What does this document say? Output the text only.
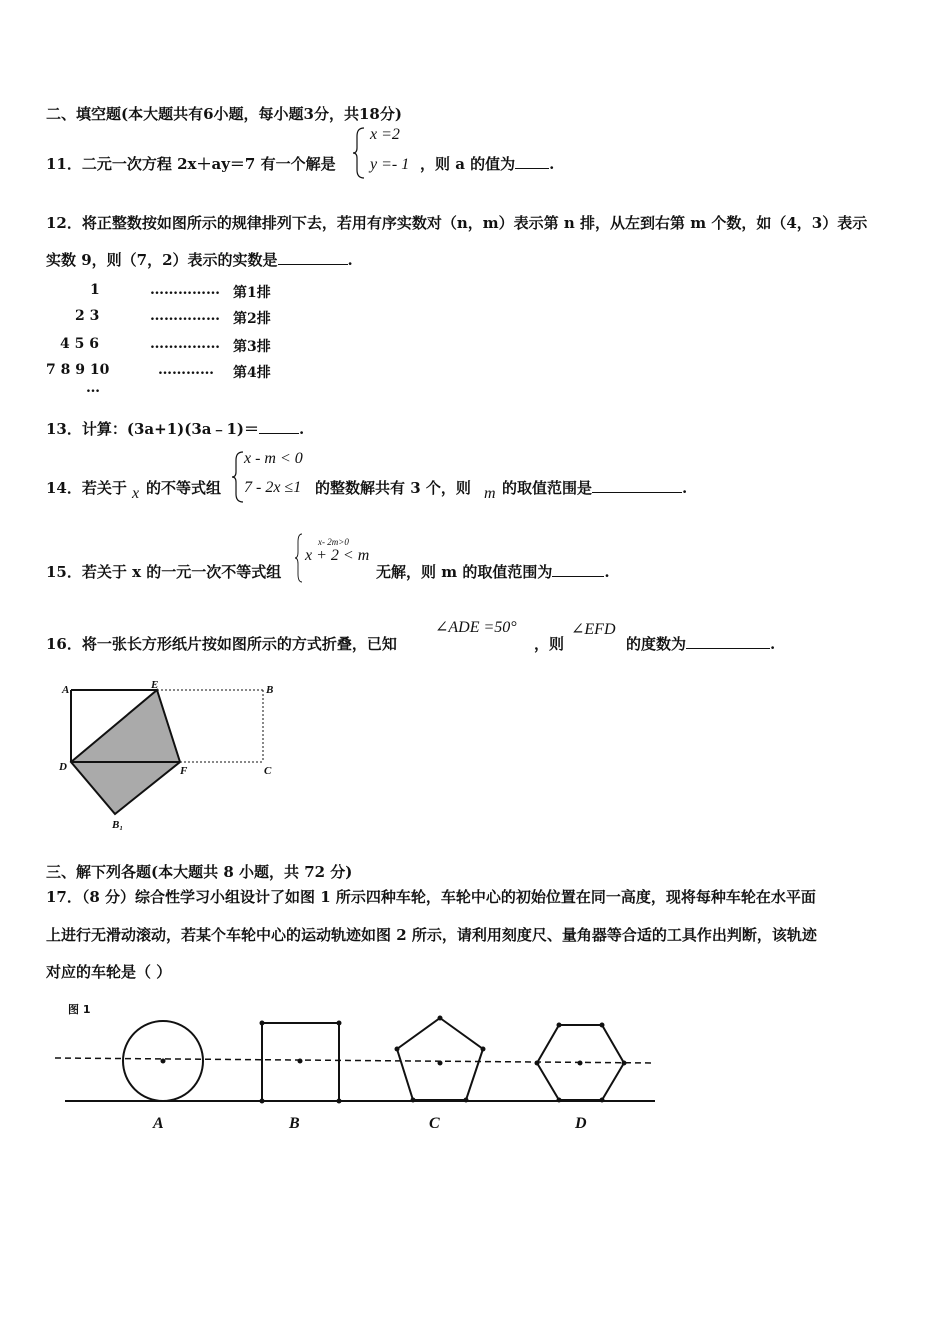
二、填空题(本大题共有6小题，每小题3分，共18分)
11．二元一次方程 2x＋ay＝7 有一个解是
x =2
y =- 1 ，则 a 的值为 .
12．将正整数按如图所示的规律排列下去，若用有序实数对（n，m）表示第 n 排，从左到右第 m 个数，如（4，3）表示
实数 9，则（7，2）表示的实数是	.
1	…………… 第1排
2 3	…………… 第2排
4 5 6	…………… 第3排
7 8 9 10	………… 第4排
…
13．计算：(3a+1)(3a﹣1)＝	.
14．若关于 x 的不等式组
x - m < 0
7 - 2x ≤1 的整数解共有 3 个，则 m 的取值范围是	.
15．若关于 x 的一元一次不等式组
x- 2m>0
x + 2 < m
无解，则 m 的取值范围为	.
16．将一张长方形纸片按如图所示的方式折叠，已知
∠ADE =50°
，则
∠EFD
的度数为	.
A	E	B
D	F	C
B₁
三、解下列各题(本大题共 8 小题，共 72 分)
17．（8 分）综合性学习小组设计了如图 1 所示四种车轮，车轮中心的初始位置在同一高度，现将每种车轮在水平面
上进行无滑动滚动，若某个车轮中心的运动轨迹如图 2 所示，请利用刻度尺、量角器等合适的工具作出判断，该轨迹
对应的车轮是（ ）
图 1
A	B	C	D
